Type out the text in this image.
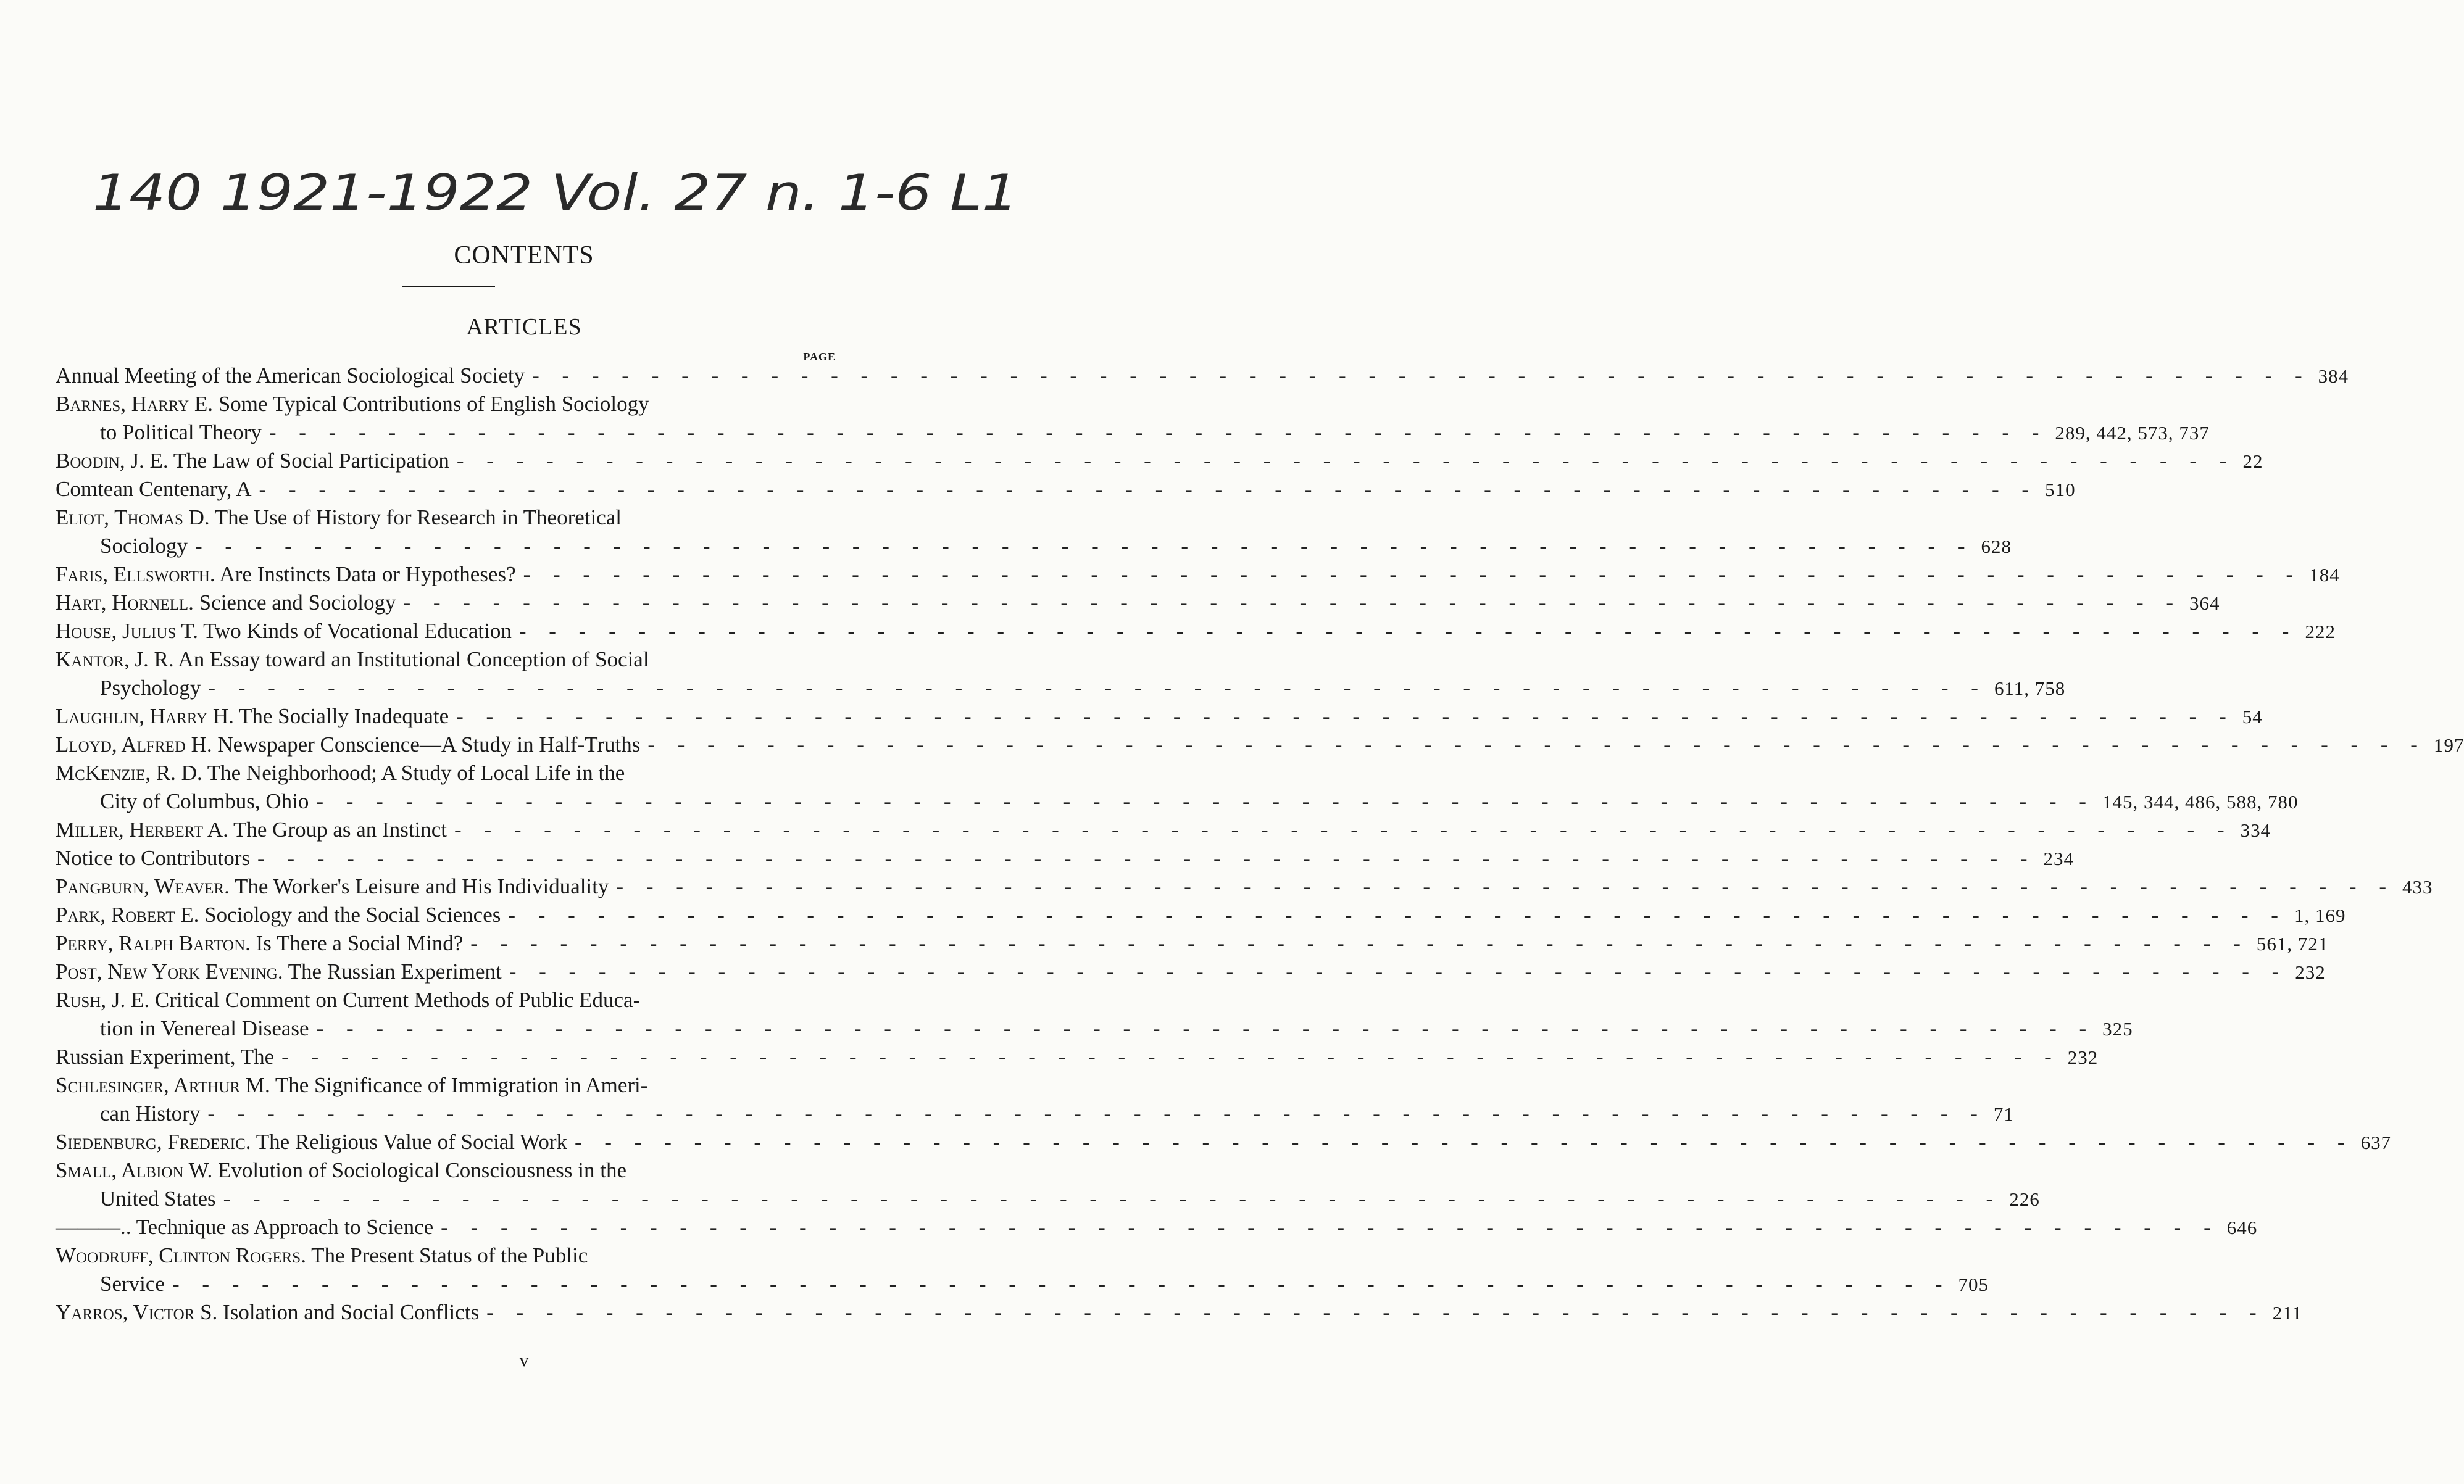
140 1921-1922 Vol. 27 n. 1-6 L1
CONTENTS
ARTICLES
PAGE
Annual Meeting of the American Sociological Society - - - - - - - - - - - - - - - - - - - - - - - - - - - - - - - - - - - - - - - - - - - - - - - - - - - - - - - - - - - - 384
Barnes, Harry E. Some Typical Contributions of English Sociology
to Political Theory - - - - - - - - - - - - - - - - - - - - - - - - - - - - - - - - - - - - - - - - - - - - - - - - - - - - - - - - - - - - 289, 442, 573, 737
Boodin, J. E. The Law of Social Participation - - - - - - - - - - - - - - - - - - - - - - - - - - - - - - - - - - - - - - - - - - - - - - - - - - - - - - - - - - - - 22
Comtean Centenary, A - - - - - - - - - - - - - - - - - - - - - - - - - - - - - - - - - - - - - - - - - - - - - - - - - - - - - - - - - - - - 510
Eliot, Thomas D. The Use of History for Research in Theoretical
Sociology - - - - - - - - - - - - - - - - - - - - - - - - - - - - - - - - - - - - - - - - - - - - - - - - - - - - - - - - - - - - 628
Faris, Ellsworth. Are Instincts Data or Hypotheses? - - - - - - - - - - - - - - - - - - - - - - - - - - - - - - - - - - - - - - - - - - - - - - - - - - - - - - - - - - - - 184
Hart, Hornell. Science and Sociology - - - - - - - - - - - - - - - - - - - - - - - - - - - - - - - - - - - - - - - - - - - - - - - - - - - - - - - - - - - - 364
House, Julius T. Two Kinds of Vocational Education - - - - - - - - - - - - - - - - - - - - - - - - - - - - - - - - - - - - - - - - - - - - - - - - - - - - - - - - - - - - 222
Kantor, J. R. An Essay toward an Institutional Conception of Social
Psychology - - - - - - - - - - - - - - - - - - - - - - - - - - - - - - - - - - - - - - - - - - - - - - - - - - - - - - - - - - - - 611, 758
Laughlin, Harry H. The Socially Inadequate - - - - - - - - - - - - - - - - - - - - - - - - - - - - - - - - - - - - - - - - - - - - - - - - - - - - - - - - - - - - 54
Lloyd, Alfred H. Newspaper Conscience—A Study in Half-Truths - - - - - - - - - - - - - - - - - - - - - - - - - - - - - - - - - - - - - - - - - - - - - - - - - - - - - - - - - - - - 197
McKenzie, R. D. The Neighborhood; A Study of Local Life in the
City of Columbus, Ohio - - - - - - - - - - - - - - - - - - - - - - - - - - - - - - - - - - - - - - - - - - - - - - - - - - - - - - - - - - - - 145, 344, 486, 588, 780
Miller, Herbert A. The Group as an Instinct - - - - - - - - - - - - - - - - - - - - - - - - - - - - - - - - - - - - - - - - - - - - - - - - - - - - - - - - - - - - 334
Notice to Contributors - - - - - - - - - - - - - - - - - - - - - - - - - - - - - - - - - - - - - - - - - - - - - - - - - - - - - - - - - - - - 234
Pangburn, Weaver. The Worker's Leisure and His Individuality - - - - - - - - - - - - - - - - - - - - - - - - - - - - - - - - - - - - - - - - - - - - - - - - - - - - - - - - - - - - 433
Park, Robert E. Sociology and the Social Sciences - - - - - - - - - - - - - - - - - - - - - - - - - - - - - - - - - - - - - - - - - - - - - - - - - - - - - - - - - - - - 1, 169
Perry, Ralph Barton. Is There a Social Mind? - - - - - - - - - - - - - - - - - - - - - - - - - - - - - - - - - - - - - - - - - - - - - - - - - - - - - - - - - - - - 561, 721
Post, New York Evening. The Russian Experiment - - - - - - - - - - - - - - - - - - - - - - - - - - - - - - - - - - - - - - - - - - - - - - - - - - - - - - - - - - - - 232
Rush, J. E. Critical Comment on Current Methods of Public Educa-
tion in Venereal Disease - - - - - - - - - - - - - - - - - - - - - - - - - - - - - - - - - - - - - - - - - - - - - - - - - - - - - - - - - - - - 325
Russian Experiment, The - - - - - - - - - - - - - - - - - - - - - - - - - - - - - - - - - - - - - - - - - - - - - - - - - - - - - - - - - - - - 232
Schlesinger, Arthur M. The Significance of Immigration in Ameri-
can History - - - - - - - - - - - - - - - - - - - - - - - - - - - - - - - - - - - - - - - - - - - - - - - - - - - - - - - - - - - - 71
Siedenburg, Frederic. The Religious Value of Social Work - - - - - - - - - - - - - - - - - - - - - - - - - - - - - - - - - - - - - - - - - - - - - - - - - - - - - - - - - - - - 637
Small, Albion W. Evolution of Sociological Consciousness in the
United States - - - - - - - - - - - - - - - - - - - - - - - - - - - - - - - - - - - - - - - - - - - - - - - - - - - - - - - - - - - - 226
———.. Technique as Approach to Science - - - - - - - - - - - - - - - - - - - - - - - - - - - - - - - - - - - - - - - - - - - - - - - - - - - - - - - - - - - - 646
Woodruff, Clinton Rogers. The Present Status of the Public
Service - - - - - - - - - - - - - - - - - - - - - - - - - - - - - - - - - - - - - - - - - - - - - - - - - - - - - - - - - - - - 705
Yarros, Victor S. Isolation and Social Conflicts - - - - - - - - - - - - - - - - - - - - - - - - - - - - - - - - - - - - - - - - - - - - - - - - - - - - - - - - - - - - 211
v
